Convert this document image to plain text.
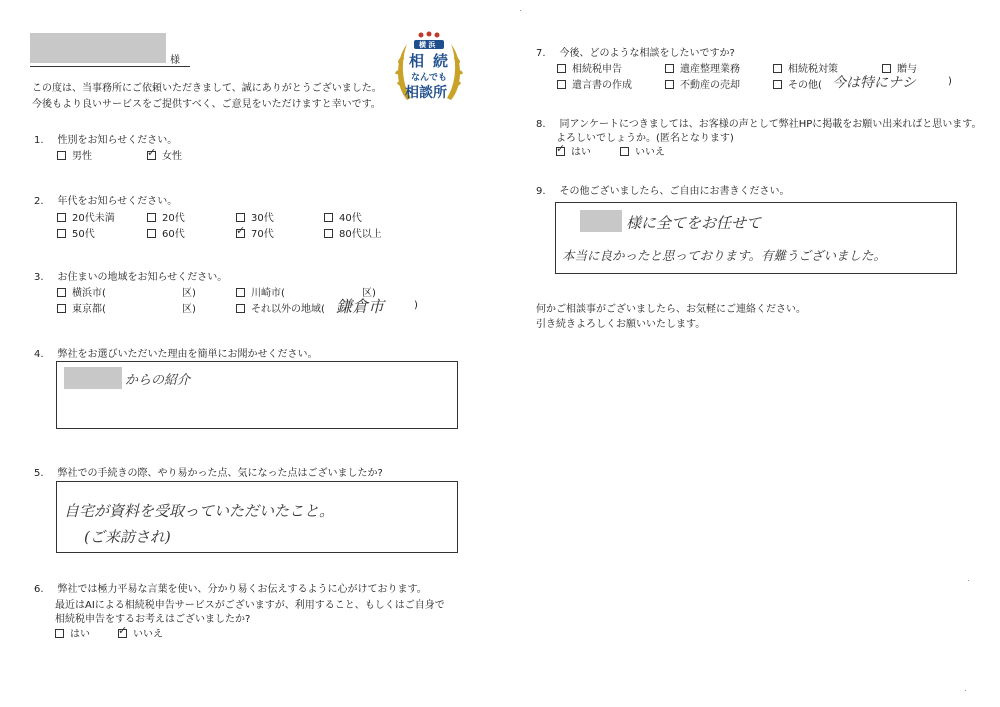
様
この度は、当事務所にご依頼いただきまして、誠にありがとうございました。
今後もより良いサービスをご提供すべく、ご意見をいただけますと幸いです。
横 浜
相 続
なんでも
相談所
1. 性別をお知らせください。
男性 ✓	女性
2. 年代をお知らせください。
20代未満	20代	30代	40代
50代	60代 ✓	70代	80代以上
3. お住まいの地域をお知らせください。
横浜市(	区)	川崎市(	区)
東京都(	区)	それ以外の地域( 鎌倉市	)
4. 弊社をお選びいただいた理由を簡単にお聞かせください。
からの紹介
5. 弊社での手続きの際、やり易かった点、気になった点はございましたか?
自宅が資料を受取っていただいたこと。
(ご来訪され)
6. 弊社では極力平易な言葉を使い、分かり易くお伝えするように心がけております。
最近はAIによる相続税申告サービスがございますが、利用すること、もしくはご自身で
相続税申告をするお考えはございましたか?
はい ✓	いいえ
7. 今後、どのような相談をしたいですか?
相続税申告	遺産整理業務	相続税対策	贈与
遺言書の作成	不動産の売却	その他( 今は特にナシ	)
8. 同アンケートにつきましては、お客様の声として弊社HPに掲載をお願い出来ればと思います。
よろしいでしょうか。(匿名となります)
✓はい	いいえ
9. その他ございましたら、ご自由にお書きください。
様に全てをお任せて
本当に良かったと思っております。有難うございました。
何かご相談事がございましたら、お気軽にご連絡ください。
引き続きよろしくお願いいたします。
